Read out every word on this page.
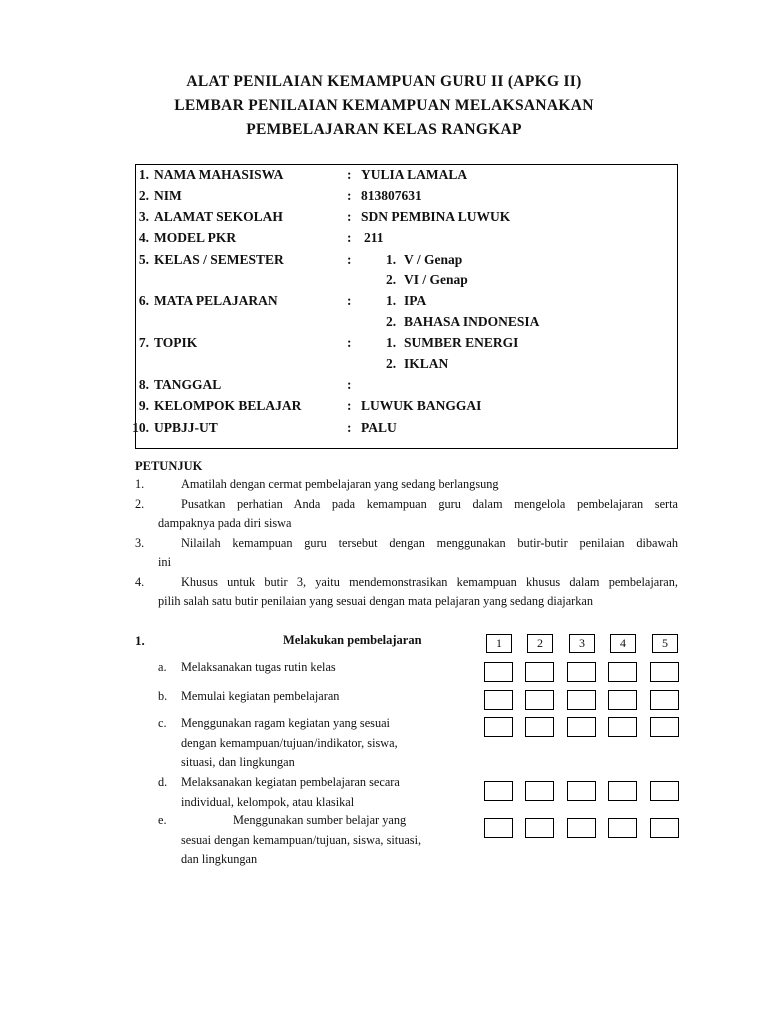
ALAT PENILAIAN KEMAMPUAN GURU II (APKG II)
LEMBAR PENILAIAN KEMAMPUAN MELAKSANAKAN
PEMBELAJARAN KELAS RANGKAP
1. NAMA MAHASISWA	: YULIA LAMALA
2. NIM	: 813807631
3. ALAMAT SEKOLAH	: SDN PEMBINA LUWUK
4. MODEL PKR	: 211
5. KELAS / SEMESTER	:	1. V / Genap
2. VI / Genap
6. MATA PELAJARAN	:	1. IPA
2. BAHASA INDONESIA
7. TOPIK	:	1. SUMBER ENERGI
2. IKLAN
8. TANGGAL	:
9. KELOMPOK BELAJAR	: LUWUK BANGGAI
10. UPBJJ-UT	: PALU
PETUNJUK
1.	Amatilah dengan cermat pembelajaran yang sedang berlangsung
2.	Pusatkan perhatian Anda pada kemampuan guru dalam mengelola pembelajaran serta
dampaknya pada diri siswa
3.	Nilailah kemampuan guru tersebut dengan menggunakan butir-butir penilaian dibawah
ini
4.	Khusus untuk butir 3, yaitu mendemonstrasikan kemampuan khusus dalam pembelajaran,
pilih salah satu butir penilaian yang sesuai dengan mata pelajaran yang sedang diajarkan
1.	Melakukan pembelajaran	1	2	3	4	5
a. Melaksanakan tugas rutin kelas
b. Memulai kegiatan pembelajaran
c. Menggunakan ragam kegiatan yang sesuai
dengan kemampuan/tujuan/indikator, siswa,
situasi, dan lingkungan
d. Melaksanakan kegiatan pembelajaran secara
individual, kelompok, atau klasikal
e.	Menggunakan sumber belajar yang
sesuai dengan kemampuan/tujuan, siswa, situasi,
dan lingkungan
